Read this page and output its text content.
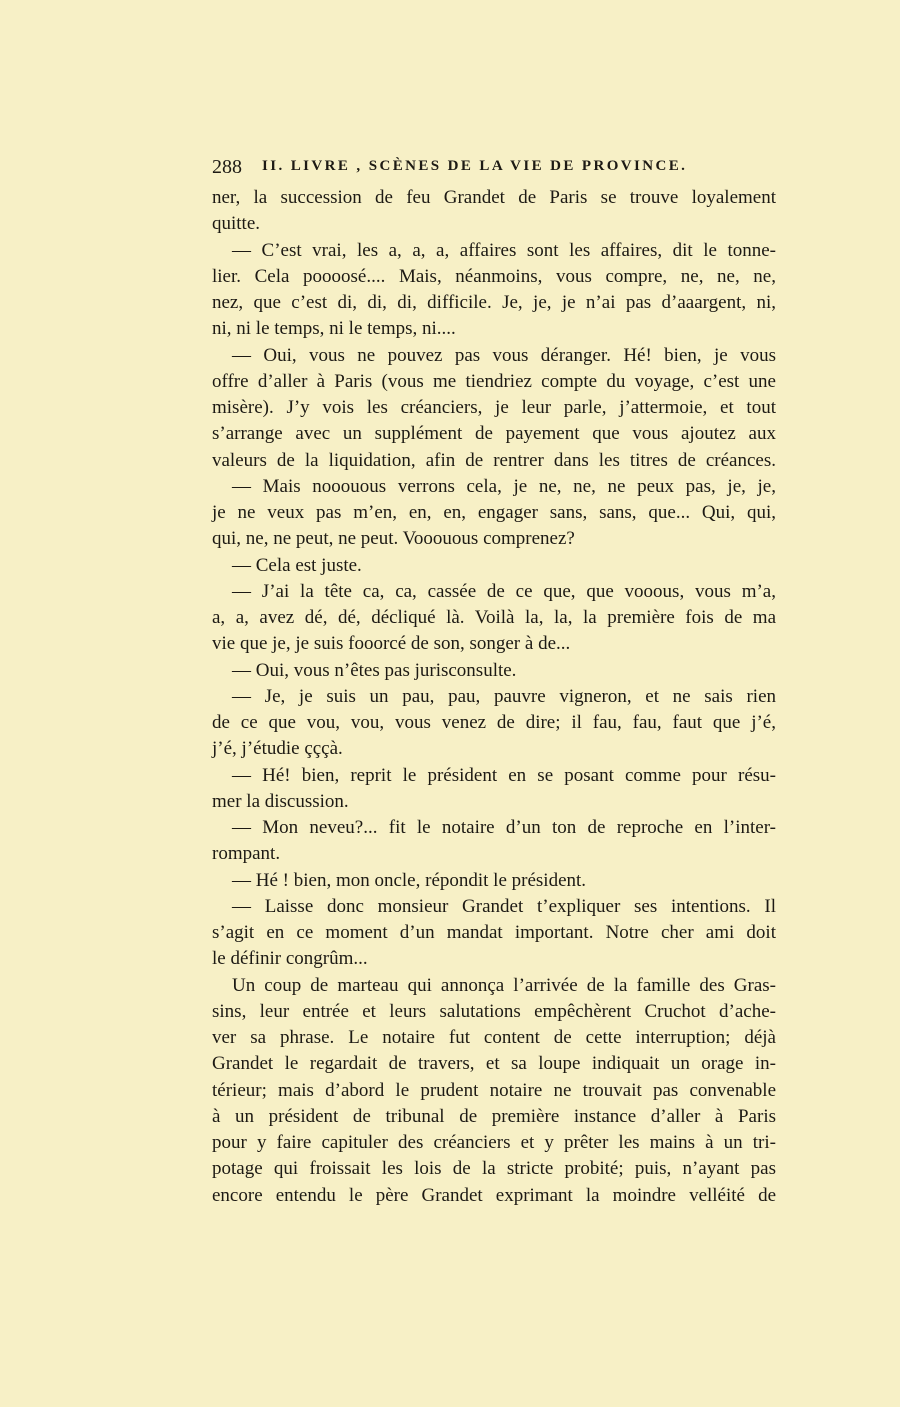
288 II. LIVRE , SCÈNES DE LA VIE DE PROVINCE.
ner, la succession de feu Grandet de Paris se trouve loyalement
quitte.
— C’est vrai, les a, a, a, affaires sont les affaires, dit le tonne-
lier. Cela poooosé.... Mais, néanmoins, vous compre, ne, ne, ne,
nez, que c’est di, di, di, difficile. Je, je, je n’ai pas d’aaargent, ni,
ni, ni le temps, ni le temps, ni....
— Oui, vous ne pouvez pas vous déranger. Hé! bien, je vous
offre d’aller à Paris (vous me tiendriez compte du voyage, c’est une
misère). J’y vois les créanciers, je leur parle, j’attermoie, et tout
s’arrange avec un supplément de payement que vous ajoutez aux
valeurs de la liquidation, afin de rentrer dans les titres de créances.
— Mais nooouous verrons cela, je ne, ne, ne peux pas, je, je,
je ne veux pas m’en, en, en, engager sans, sans, que... Qui, qui,
qui, ne, ne peut, ne peut. Vooouous comprenez?
— Cela est juste.
— J’ai la tête ca, ca, cassée de ce que, que vooous, vous m’a,
a, a, avez dé, dé, décliqué là. Voilà la, la, la première fois de ma
vie que je, je suis fooorcé de son, songer à de...
— Oui, vous n’êtes pas jurisconsulte.
— Je, je suis un pau, pau, pauvre vigneron, et ne sais rien
de ce que vou, vou, vous venez de dire; il fau, fau, faut que j’é,
j’é, j’étudie çççà.
— Hé! bien, reprit le président en se posant comme pour résu-
mer la discussion.
— Mon neveu?... fit le notaire d’un ton de reproche en l’inter-
rompant.
— Hé ! bien, mon oncle, répondit le président.
— Laisse donc monsieur Grandet t’expliquer ses intentions. Il
s’agit en ce moment d’un mandat important. Notre cher ami doit
le définir congrûm...
Un coup de marteau qui annonça l’arrivée de la famille des Gras-
sins, leur entrée et leurs salutations empêchèrent Cruchot d’ache-
ver sa phrase. Le notaire fut content de cette interruption; déjà
Grandet le regardait de travers, et sa loupe indiquait un orage in-
térieur; mais d’abord le prudent notaire ne trouvait pas convenable
à un président de tribunal de première instance d’aller à Paris
pour y faire capituler des créanciers et y prêter les mains à un tri-
potage qui froissait les lois de la stricte probité; puis, n’ayant pas
encore entendu le père Grandet exprimant la moindre velléité de
